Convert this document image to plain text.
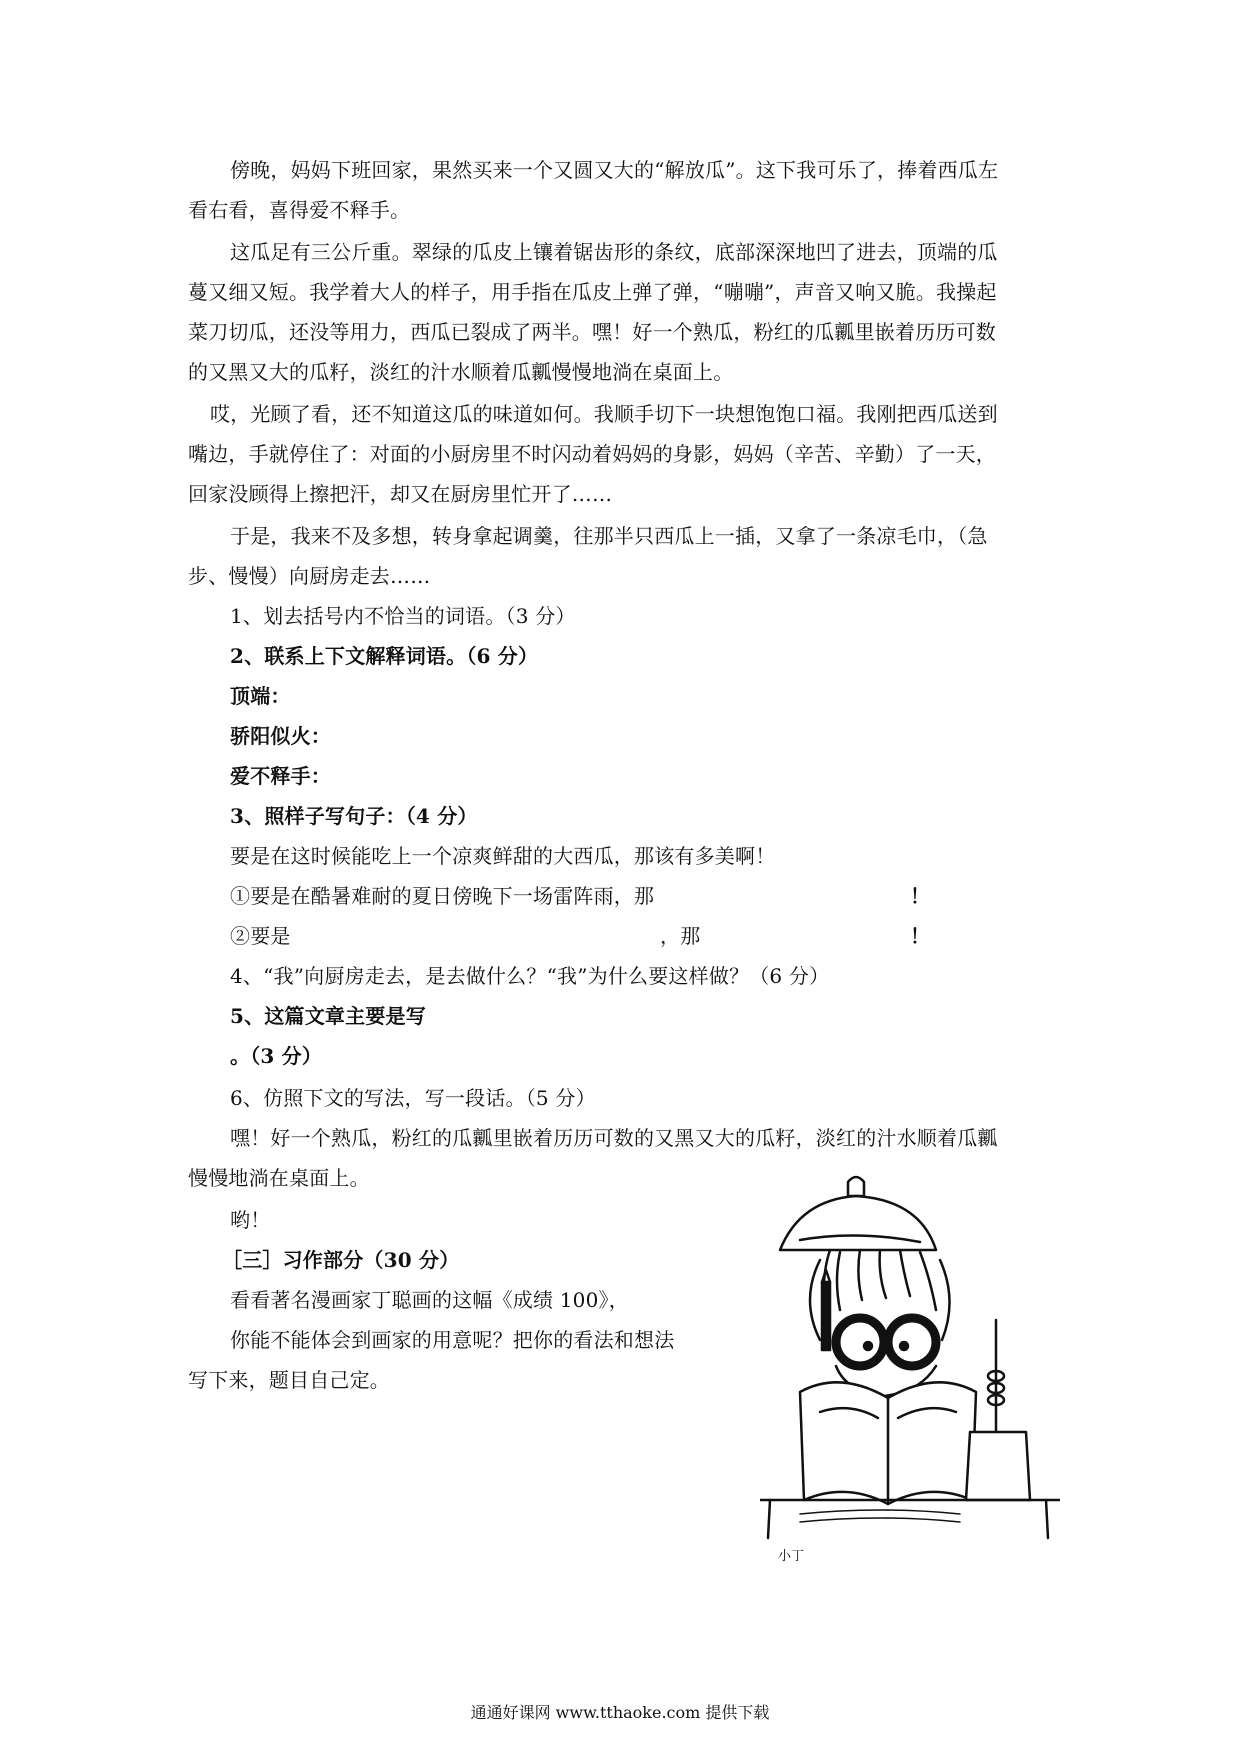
傍晚，妈妈下班回家，果然买来一个又圆又大的“解放瓜”。这下我可乐了，捧着西瓜左
看右看，喜得爱不释手。
这瓜足有三公斤重。翠绿的瓜皮上镶着锯齿形的条纹，底部深深地凹了进去，顶端的瓜
蔓又细又短。我学着大人的样子，用手指在瓜皮上弹了弹，“嘣嘣”，声音又响又脆。我操起
菜刀切瓜，还没等用力，西瓜已裂成了两半。嘿！好一个熟瓜，粉红的瓜瓤里嵌着历历可数
的又黑又大的瓜籽，淡红的汁水顺着瓜瓤慢慢地淌在桌面上。
哎，光顾了看，还不知道这瓜的味道如何。我顺手切下一块想饱饱口福。我刚把西瓜送到
嘴边，手就停住了：对面的小厨房里不时闪动着妈妈的身影，妈妈（辛苦、辛勤）了一天，
回家没顾得上擦把汗，却又在厨房里忙开了……
于是，我来不及多想，转身拿起调羹，往那半只西瓜上一插，又拿了一条凉毛巾，（急
步、慢慢）向厨房走去……
1、划去括号内不恰当的词语。（3 分）
2、联系上下文解释词语。（6 分）
顶端：
骄阳似火：
爱不释手：
3、照样子写句子：（4 分）
要是在这时候能吃上一个凉爽鲜甜的大西瓜，那该有多美啊！
①要是在酷暑难耐的夏日傍晚下一场雷阵雨，那	！
②要是	，那	！
4、“我”向厨房走去，是去做什么？“我”为什么要这样做？（6 分）
5、这篇文章主要是写
。（3 分）
6、仿照下文的写法，写一段话。（5 分）
嘿！好一个熟瓜，粉红的瓜瓤里嵌着历历可数的又黑又大的瓜籽，淡红的汁水顺着瓜瓤
慢慢地淌在桌面上。
哟！
［三］习作部分（30 分）
看看著名漫画家丁聪画的这幅《成绩 100》，
你能不能体会到画家的用意呢？把你的看法和想法
写下来，题目自己定。
小丁
通通好课网 www.tthaoke.com 提供下载
